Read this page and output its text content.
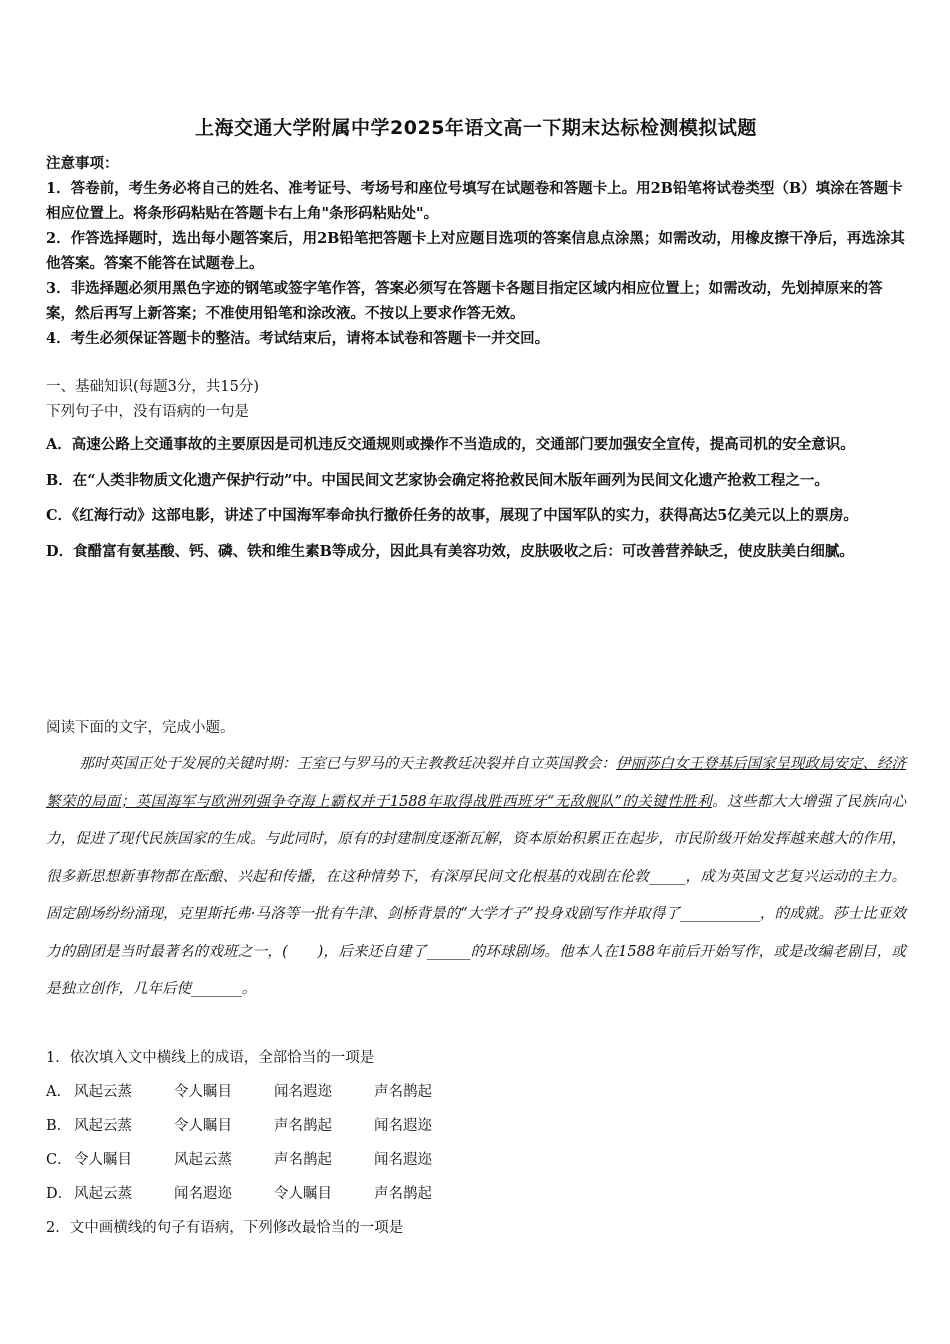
上海交通大学附属中学2025年语文高一下期末达标检测模拟试题
注意事项：

1．答卷前，考生务必将自己的姓名、准考证号、考场号和座位号填写在试题卷和答题卡上。用2B铅笔将试卷类型（B）填涂在答题卡相应位置上。将条形码粘贴在答题卡右上角"条形码粘贴处"。

2．作答选择题时，选出每小题答案后，用2B铅笔把答题卡上对应题目选项的答案信息点涂黑；如需改动，用橡皮擦干净后，再选涂其他答案。答案不能答在试题卷上。

3．非选择题必须用黑色字迹的钢笔或签字笔作答，答案必须写在答题卡各题目指定区域内相应位置上；如需改动，先划掉原来的答案，然后再写上新答案；不准使用铅笔和涂改液。不按以上要求作答无效。

4．考生必须保证答题卡的整洁。考试结束后，请将本试卷和答题卡一并交回。

一、基础知识(每题3分，共15分)
下列句子中，没有语病的一句是

A．高速公路上交通事故的主要原因是司机违反交通规则或操作不当造成的，交通部门要加强安全宣传，提高司机的安全意识。

B．在“人类非物质文化遗产保护行动”中。中国民间文艺家协会确定将抢救民间木版年画列为民间文化遗产抢救工程之一。

C．《红海行动》这部电影，讲述了中国海军奉命执行撤侨任务的故事，展现了中国军队的实力，获得高达5亿美元以上的票房。

D．食醋富有氨基酸、钙、磷、铁和维生素B等成分，因此具有美容功效，皮肤吸收之后：可改善营养缺乏，使皮肤美白细腻。

阅读下面的文字，完成小题。

那时英国正处于发展的关键时期：王室已与罗马的天主教教廷决裂并自立英国教会：伊丽莎白女王登基后国家呈现政局安定、经济繁荣的局面；英国海军与欧洲列强争夺海上霸权并于1588年取得战胜西班牙“无敌舰队”的关键性胜利。这些都大大增强了民族向心力，促进了现代民族国家的生成。与此同时，原有的封建制度逐渐瓦解，资本原始积累正在起步，市民阶级开始发挥越来越大的作用，很多新思想新事物都在酝酿、兴起和传播，在这种情势下，有深厚民间文化根基的戏剧在伦敦_____，成为英国文艺复兴运动的主力。固定剧场纷纷涌现，克里斯托弗·马洛等一批有牛津、剑桥背景的“大学才子”投身戏剧写作并取得了___________，的成就。莎士比亚效力的剧团是当时最著名的戏班之一，(　　)，后来还自建了______的环球剧场。他本人在1588年前后开始写作，或是改编老剧目，或是独立创作，几年后使_______。

1．依次填入文中横线上的成语，全部恰当的一项是

A． 风起云蒸	令人瞩目	闻名遐迩	声名鹊起

B． 风起云蒸	令人瞩目	声名鹊起	闻名遐迩

C． 令人瞩目	风起云蒸	声名鹊起	闻名遐迩

D． 风起云蒸	闻名遐迩	令人瞩目	声名鹊起

2．文中画横线的句子有语病，下列修改最恰当的一项是
